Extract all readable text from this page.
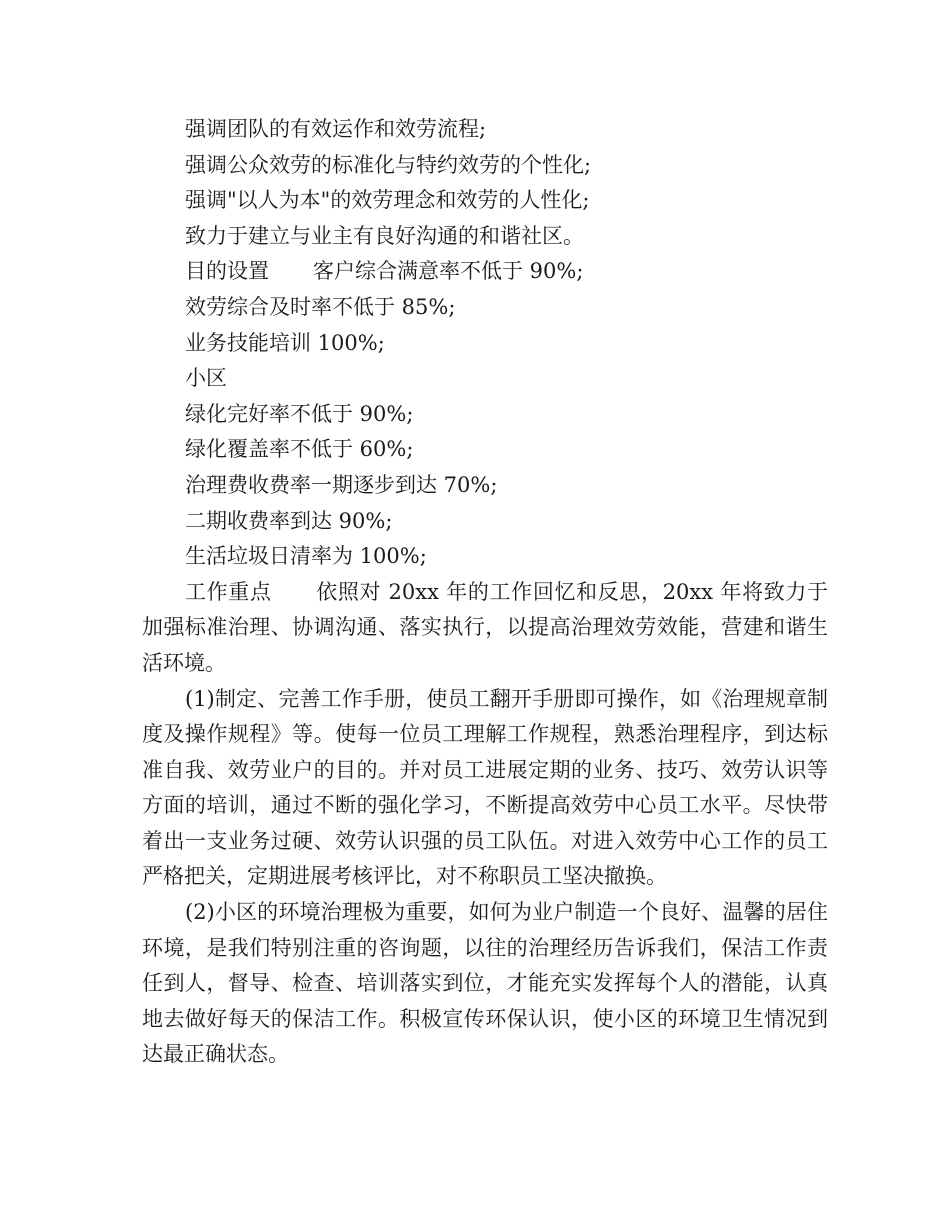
强调团队的有效运作和效劳流程;

强调公众效劳的标准化与特约效劳的个性化;

强调"以人为本"的效劳理念和效劳的人性化;

致力于建立与业主有良好沟通的和谐社区。

目的设置 客户综合满意率不低于 90%;

效劳综合及时率不低于 85%;

业务技能培训 100%;

小区

绿化完好率不低于 90%;

绿化覆盖率不低于 60%;

治理费收费率一期逐步到达 70%;

二期收费率到达 90%;

生活垃圾日清率为 100%;

工作重点 依照对 20xx 年的工作回忆和反思，20xx 年将致力于加强标准治理、协调沟通、落实执行，以提高治理效劳效能，营建和谐生活环境。

(1)制定、完善工作手册，使员工翻开手册即可操作，如《治理规章制度及操作规程》等。使每一位员工理解工作规程，熟悉治理程序，到达标准自我、效劳业户的目的。并对员工进展定期的业务、技巧、效劳认识等方面的培训，通过不断的强化学习，不断提高效劳中心员工水平。尽快带着出一支业务过硬、效劳认识强的员工队伍。对进入效劳中心工作的员工严格把关，定期进展考核评比，对不称职员工坚决撤换。

(2)小区的环境治理极为重要，如何为业户制造一个良好、温馨的居住环境，是我们特别注重的咨询题，以往的治理经历告诉我们，保洁工作责任到人，督导、检查、培训落实到位，才能充实发挥每个人的潜能，认真地去做好每天的保洁工作。积极宣传环保认识，使小区的环境卫生情况到达最正确状态。
